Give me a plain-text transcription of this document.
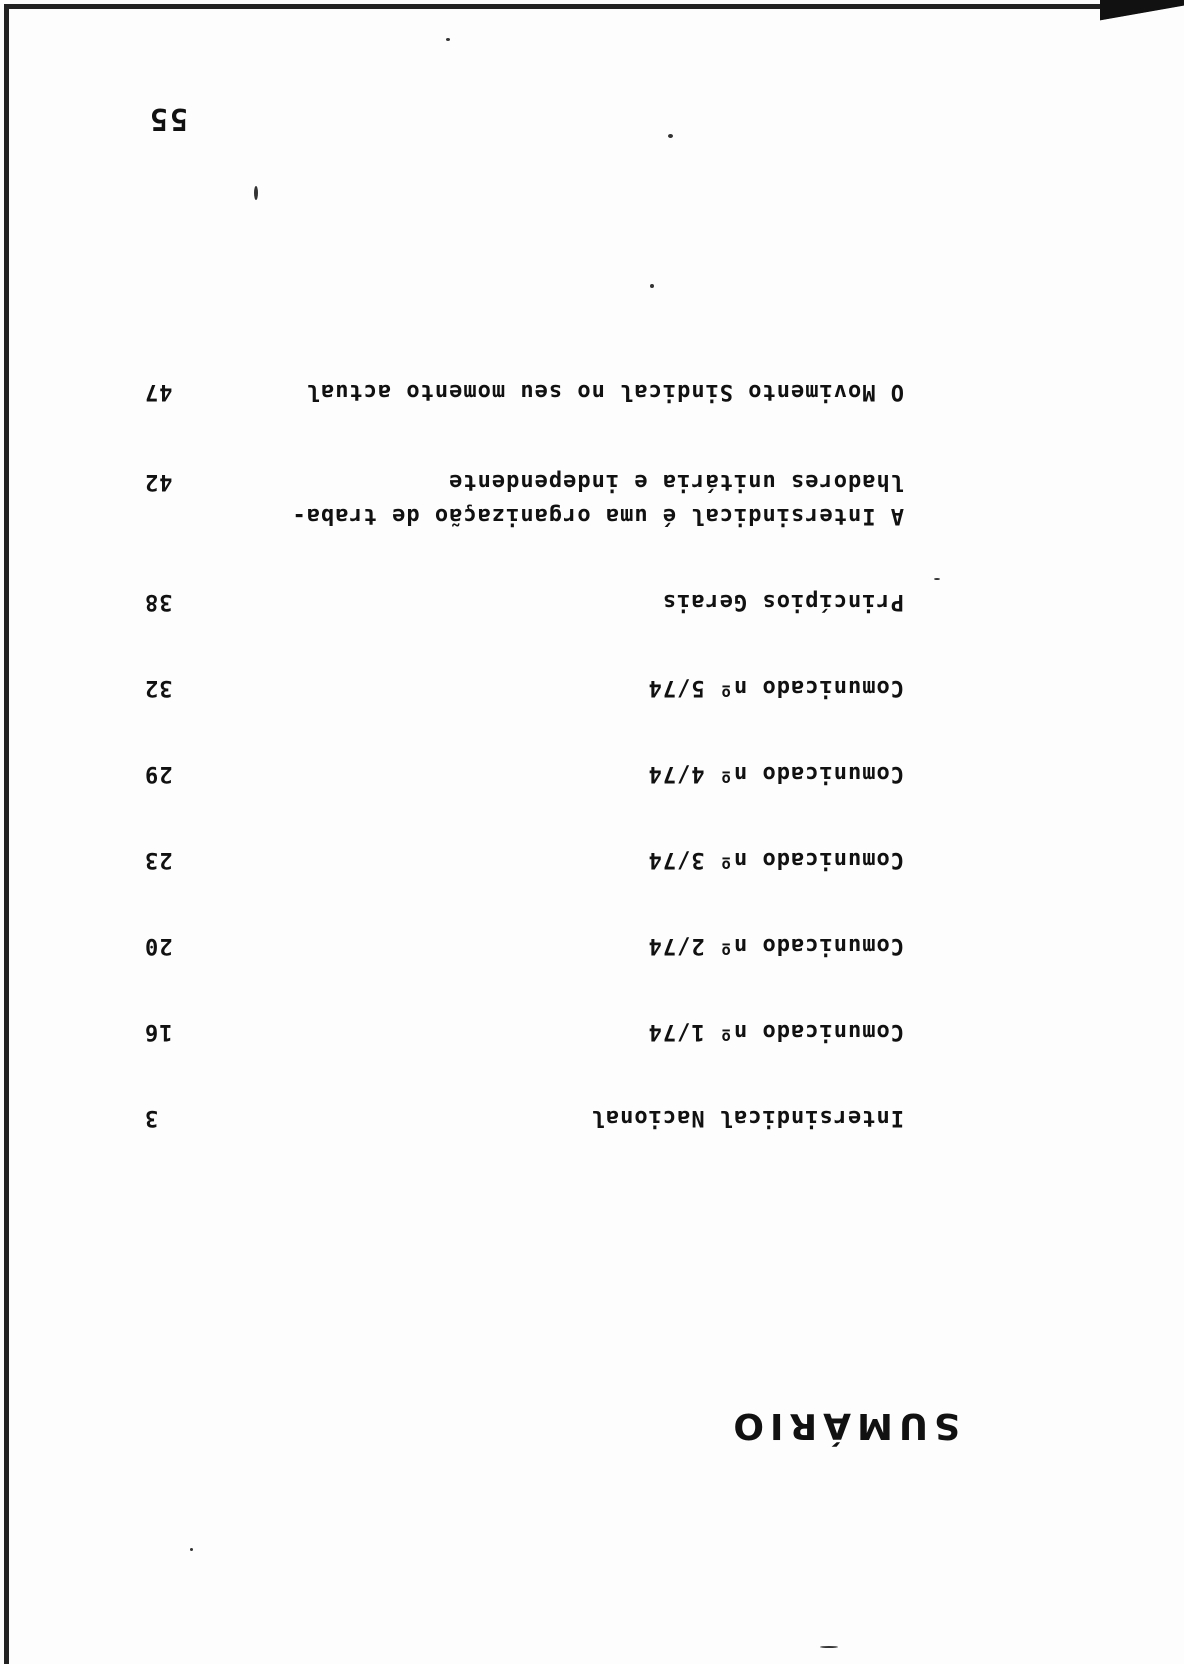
55
SUMÁRIO
Intersindical Nacional
3
Comunicado nº 1/74
16
Comunicado nº 2/74
20
Comunicado nº 3/74
23
Comunicado nº 4/74
29
Comunicado nº 5/74
32
Princípios Gerais
38
A Intersindical é uma organização de traba-
lhadores unitária e independente
42
O Movimento Sindical no seu momento actual
47
